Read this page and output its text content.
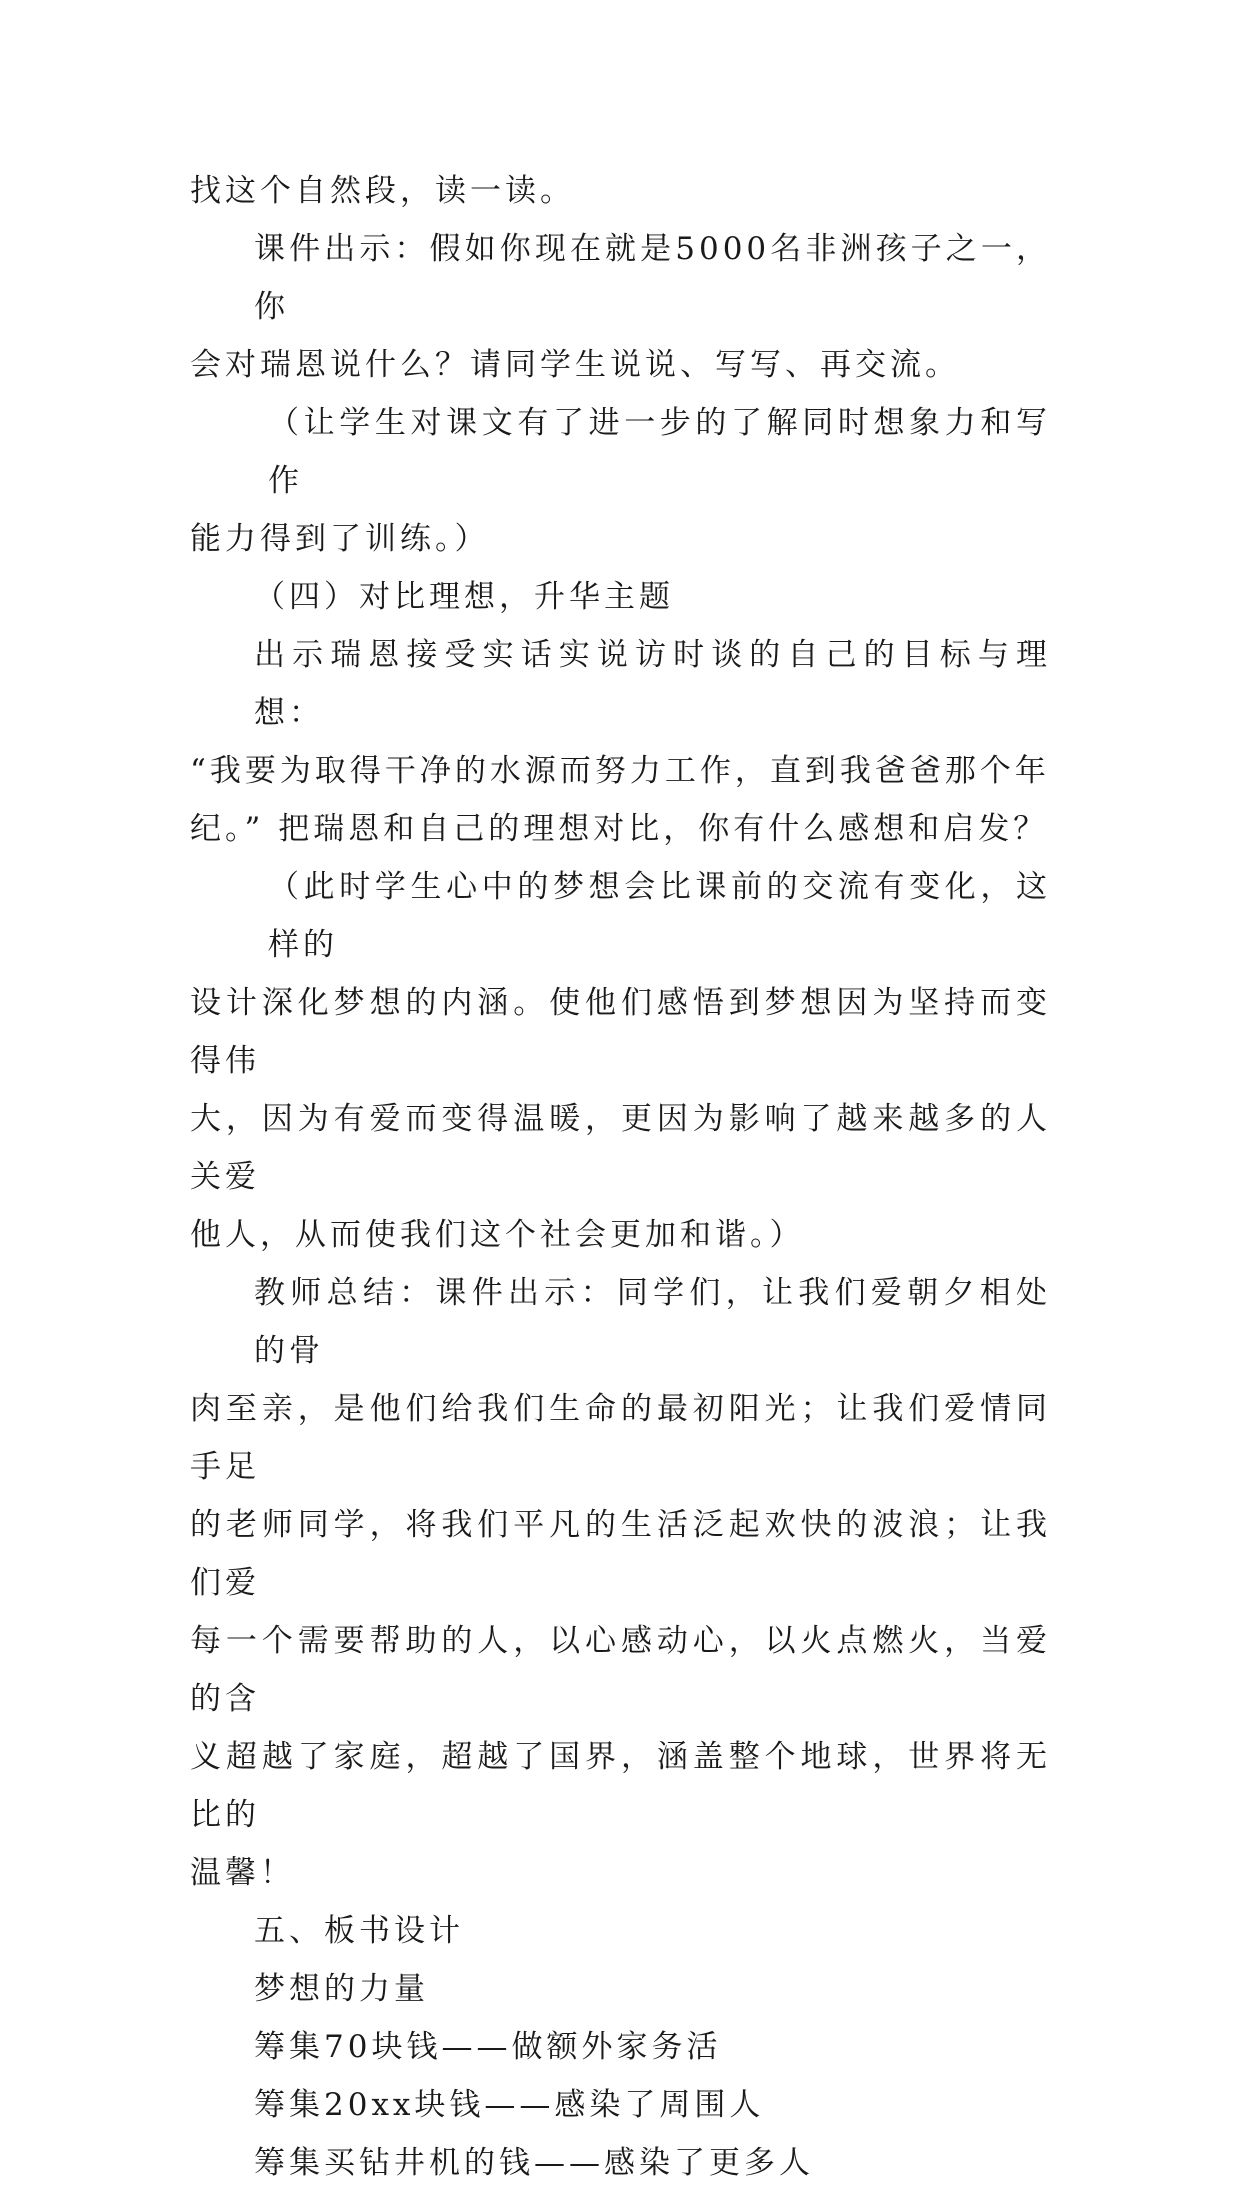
找这个自然段，读一读。

课件出示：假如你现在就是5000名非洲孩子之一，你
会对瑞恩说什么？请同学生说说、写写、再交流。

（让学生对课文有了进一步的了解同时想象力和写作
能力得到了训练。）

（四）对比理想，升华主题

出示瑞恩接受实话实说访时谈的自己的目标与理想：
“我要为取得干净的水源而努力工作，直到我爸爸那个年
纪。” 把瑞恩和自己的理想对比，你有什么感想和启发？

（此时学生心中的梦想会比课前的交流有变化，这样的
设计深化梦想的内涵。使他们感悟到梦想因为坚持而变得伟
大，因为有爱而变得温暖，更因为影响了越来越多的人关爱
他人，从而使我们这个社会更加和谐。）

教师总结：课件出示：同学们，让我们爱朝夕相处的骨
肉至亲，是他们给我们生命的最初阳光；让我们爱情同手足
的老师同学，将我们平凡的生活泛起欢快的波浪；让我们爱
每一个需要帮助的人，以心感动心，以火点燃火，当爱的含
义超越了家庭，超越了国界，涵盖整个地球，世界将无比的
温馨！

五、板书设计

梦想的力量

筹集70块钱——做额外家务活

筹集20xx块钱——感染了周围人

筹集买钻井机的钱——感染了更多人
